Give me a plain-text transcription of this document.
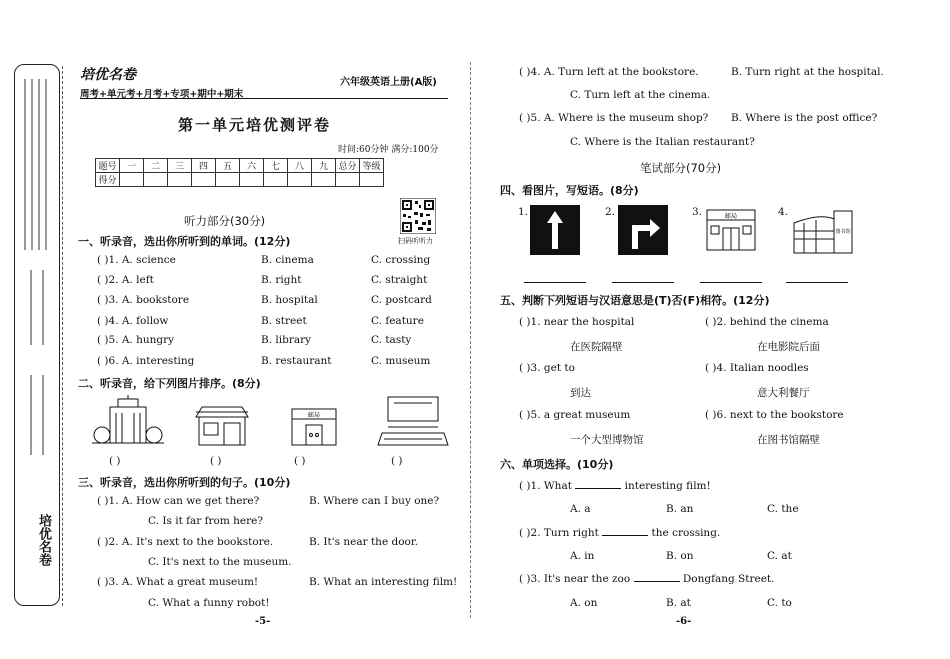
培优名卷
培优名卷
周考+单元考+月考+专项+期中+期末
六年级英语上册(A版)
第一单元培优测评卷
时间:60分钟 满分:100分
题号	一	二	三	四	五	六	七	八	九	总分	等级
得分											
扫码听听力
听力部分(30分)
一、听录音，选出你所听到的单词。(12分)
( )1. A. science	B. cinema	C. crossing
( )2. A. left	B. right	C. straight
( )3. A. bookstore	B. hospital	C. postcard
( )4. A. follow	B. street	C. feature
( )5. A. hungry	B. library	C. tasty
( )6. A. interesting	B. restaurant	C. museum
二、听录音，给下列图片排序。(8分)
邮局
( )	( )	( )	( )
三、听录音，选出你所听到的句子。(10分)
( )1. A. How can we get there?	B. Where can I buy one?
C. Is it far from here?
( )2. A. It's next to the bookstore.	B. It's near the door.
C. It's next to the museum.
( )3. A. What a great museum!	B. What an interesting film!
C. What a funny robot!
-5-
( )4. A. Turn left at the bookstore.	B. Turn right at the hospital.
C. Turn left at the cinema.
( )5. A. Where is the museum shop? B. Where is the post office?
C. Where is the Italian restaurant?
笔试部分(70分)
四、看图片，写短语。(8分)
1.	2.	3.	4.
邮局
图书馆
五、判断下列短语与汉语意思是(T)否(F)相符。(12分)
( )1. near the hospital	( )2. behind the cinema
在医院隔壁	在电影院后面
( )3. get to	( )4. Italian noodles
到达	意大利餐厅
( )5. a great museum	( )6. next to the bookstore
一个大型博物馆	在图书馆隔壁
六、单项选择。(10分)
( )1. What	interesting film!
A. a	B. an	C. the
( )2. Turn right	the crossing.
A. in	B. on	C. at
( )3. It's near the zoo	Dongfang Street.
A. on	B. at	C. to
-6-
